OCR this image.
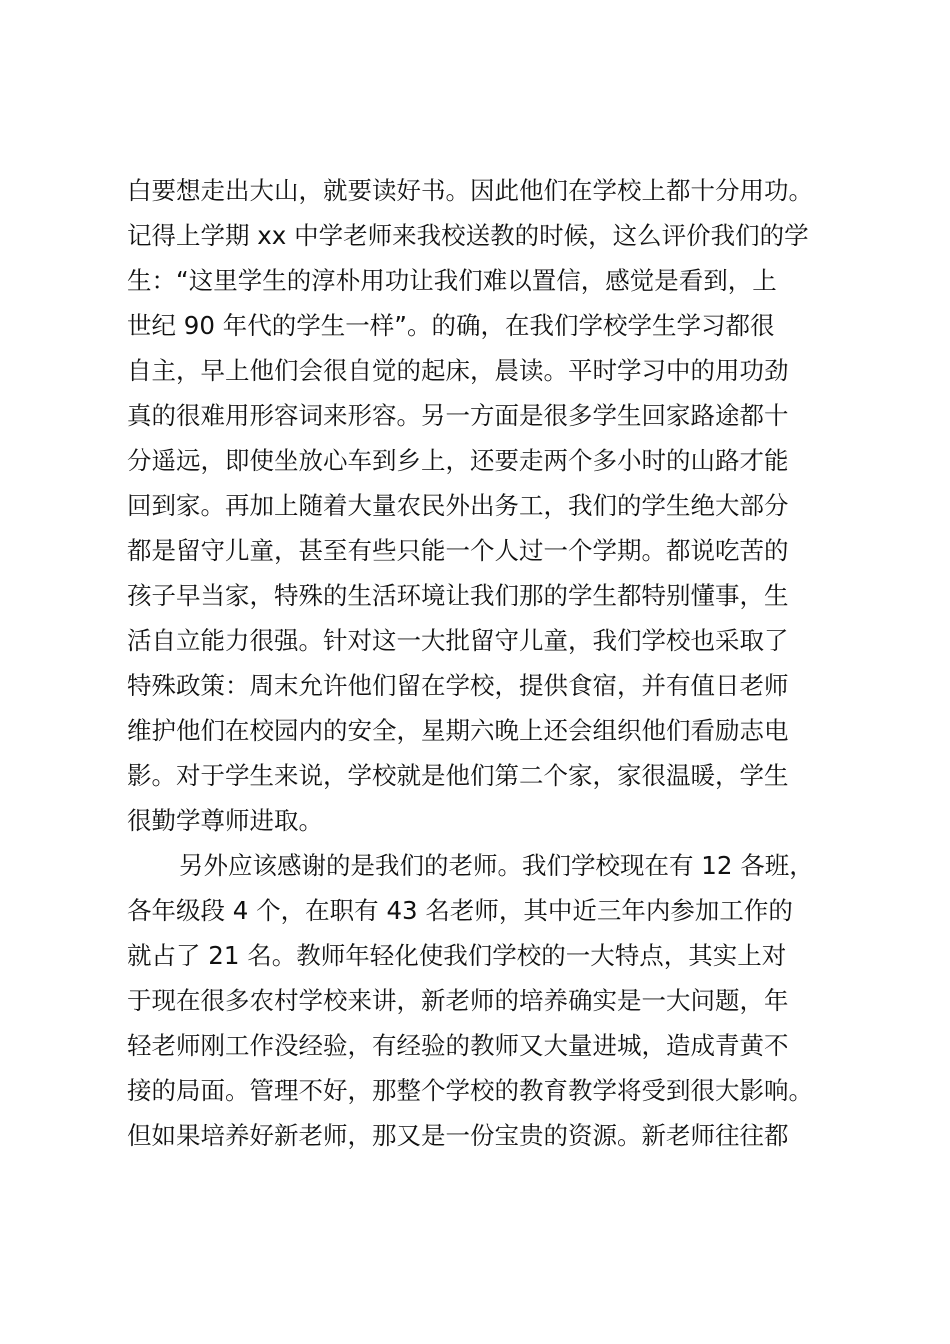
白要想走出大山，就要读好书。因此他们在学校上都十分用功。
记得上学期 xx 中学老师来我校送教的时候，这么评价我们的学
生：“这里学生的淳朴用功让我们难以置信，感觉是看到，上
世纪 90 年代的学生一样”。的确，在我们学校学生学习都很
自主，早上他们会很自觉的起床，晨读。平时学习中的用功劲
真的很难用形容词来形容。另一方面是很多学生回家路途都十
分遥远，即使坐放心车到乡上，还要走两个多小时的山路才能
回到家。再加上随着大量农民外出务工，我们的学生绝大部分
都是留守儿童，甚至有些只能一个人过一个学期。都说吃苦的
孩子早当家，特殊的生活环境让我们那的学生都特别懂事，生
活自立能力很强。针对这一大批留守儿童，我们学校也采取了
特殊政策：周末允许他们留在学校，提供食宿，并有值日老师
维护他们在校园内的安全，星期六晚上还会组织他们看励志电
影。对于学生来说，学校就是他们第二个家，家很温暖，学生
很勤学尊师进取。
另外应该感谢的是我们的老师。我们学校现在有 12 各班，
各年级段 4 个，在职有 43 名老师，其中近三年内参加工作的
就占了 21 名。教师年轻化使我们学校的一大特点，其实上对
于现在很多农村学校来讲，新老师的培养确实是一大问题，年
轻老师刚工作没经验，有经验的教师又大量进城，造成青黄不
接的局面。管理不好，那整个学校的教育教学将受到很大影响。
但如果培养好新老师，那又是一份宝贵的资源。新老师往往都
